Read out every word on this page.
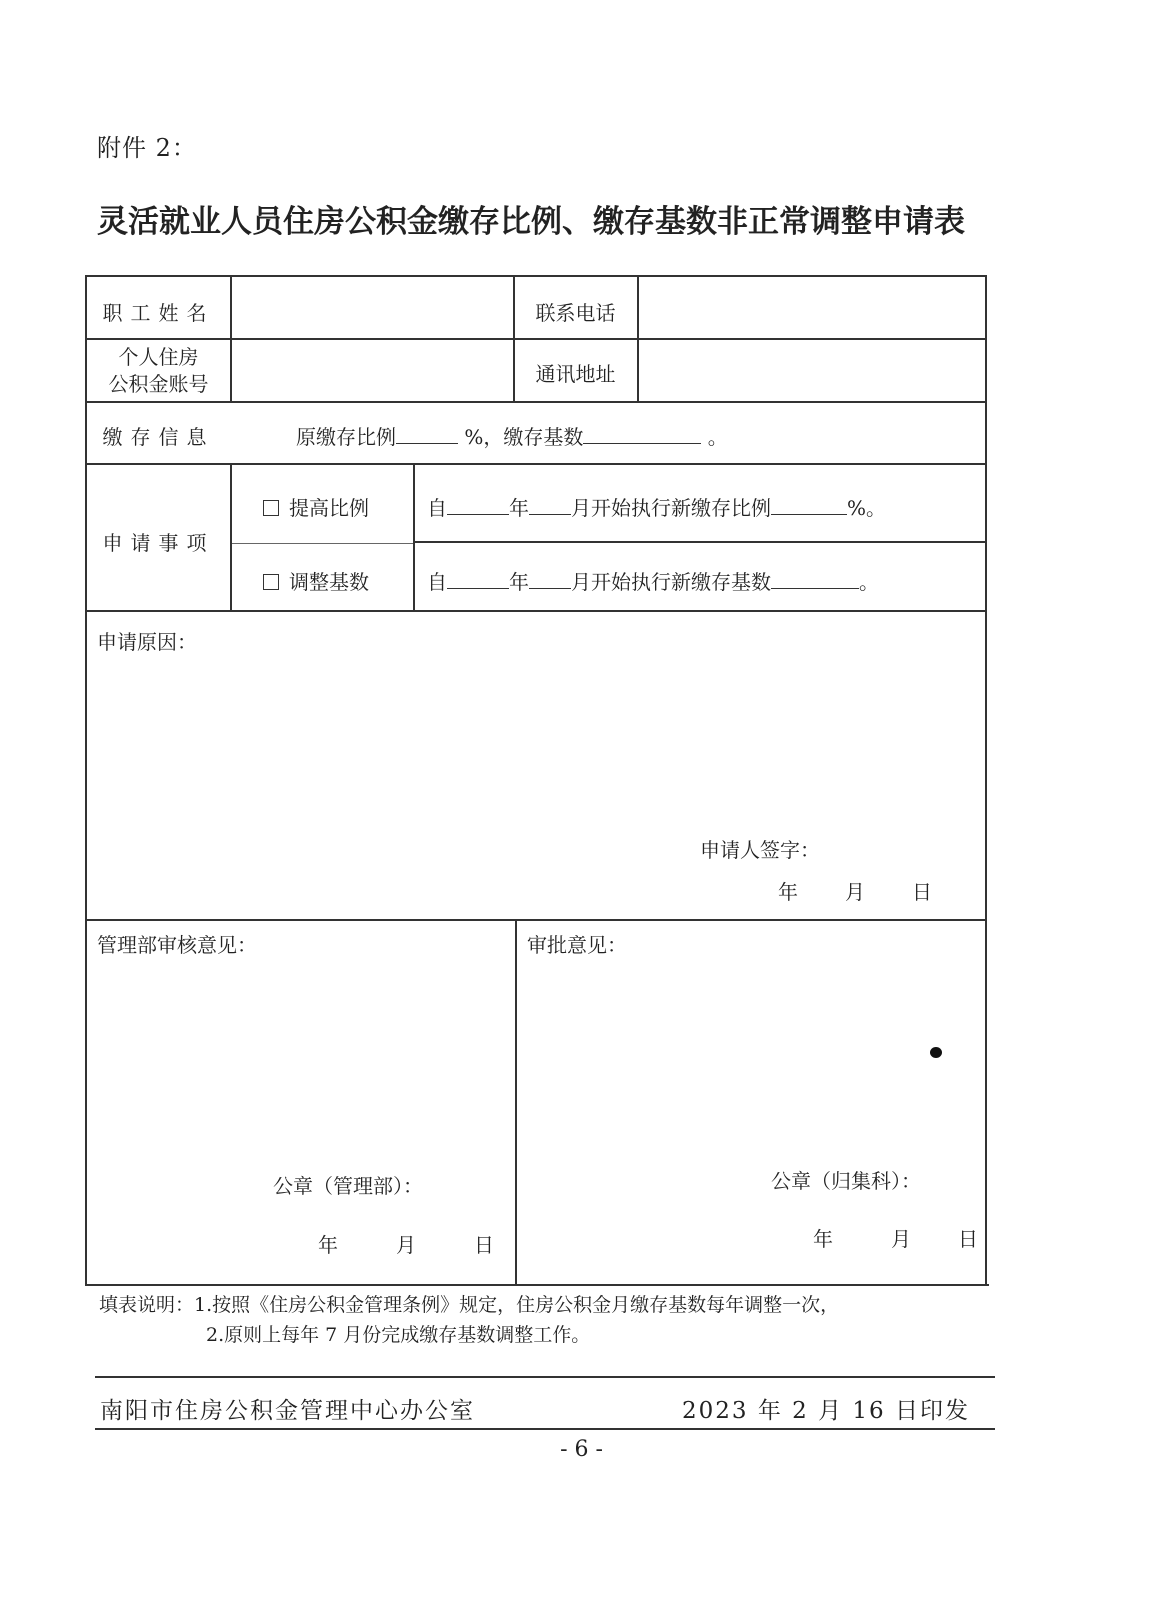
附件 2：
灵活就业人员住房公积金缴存比例、缴存基数非正常调整申请表
职工姓名	联系电话
个人住房
公积金账号	通讯地址
缴存信息	原缴存比例	%，缴存基数	。
申请事项
提高比例	自	年 月开始执行新缴存比例	%。
调整基数	自	年 月开始执行新缴存基数	。
申请原因：
申请人签字：
年 月 日
管理部审核意见：
公章（管理部）：
年	月	日
审批意见：
公章（归集科）：
年	月 日
填表说明：1.按照《住房公积金管理条例》规定，住房公积金月缴存基数每年调整一次，
2.原则上每年 7 月份完成缴存基数调整工作。
南阳市住房公积金管理中心办公室	2023 年 2 月 16 日印发
- 6 -
